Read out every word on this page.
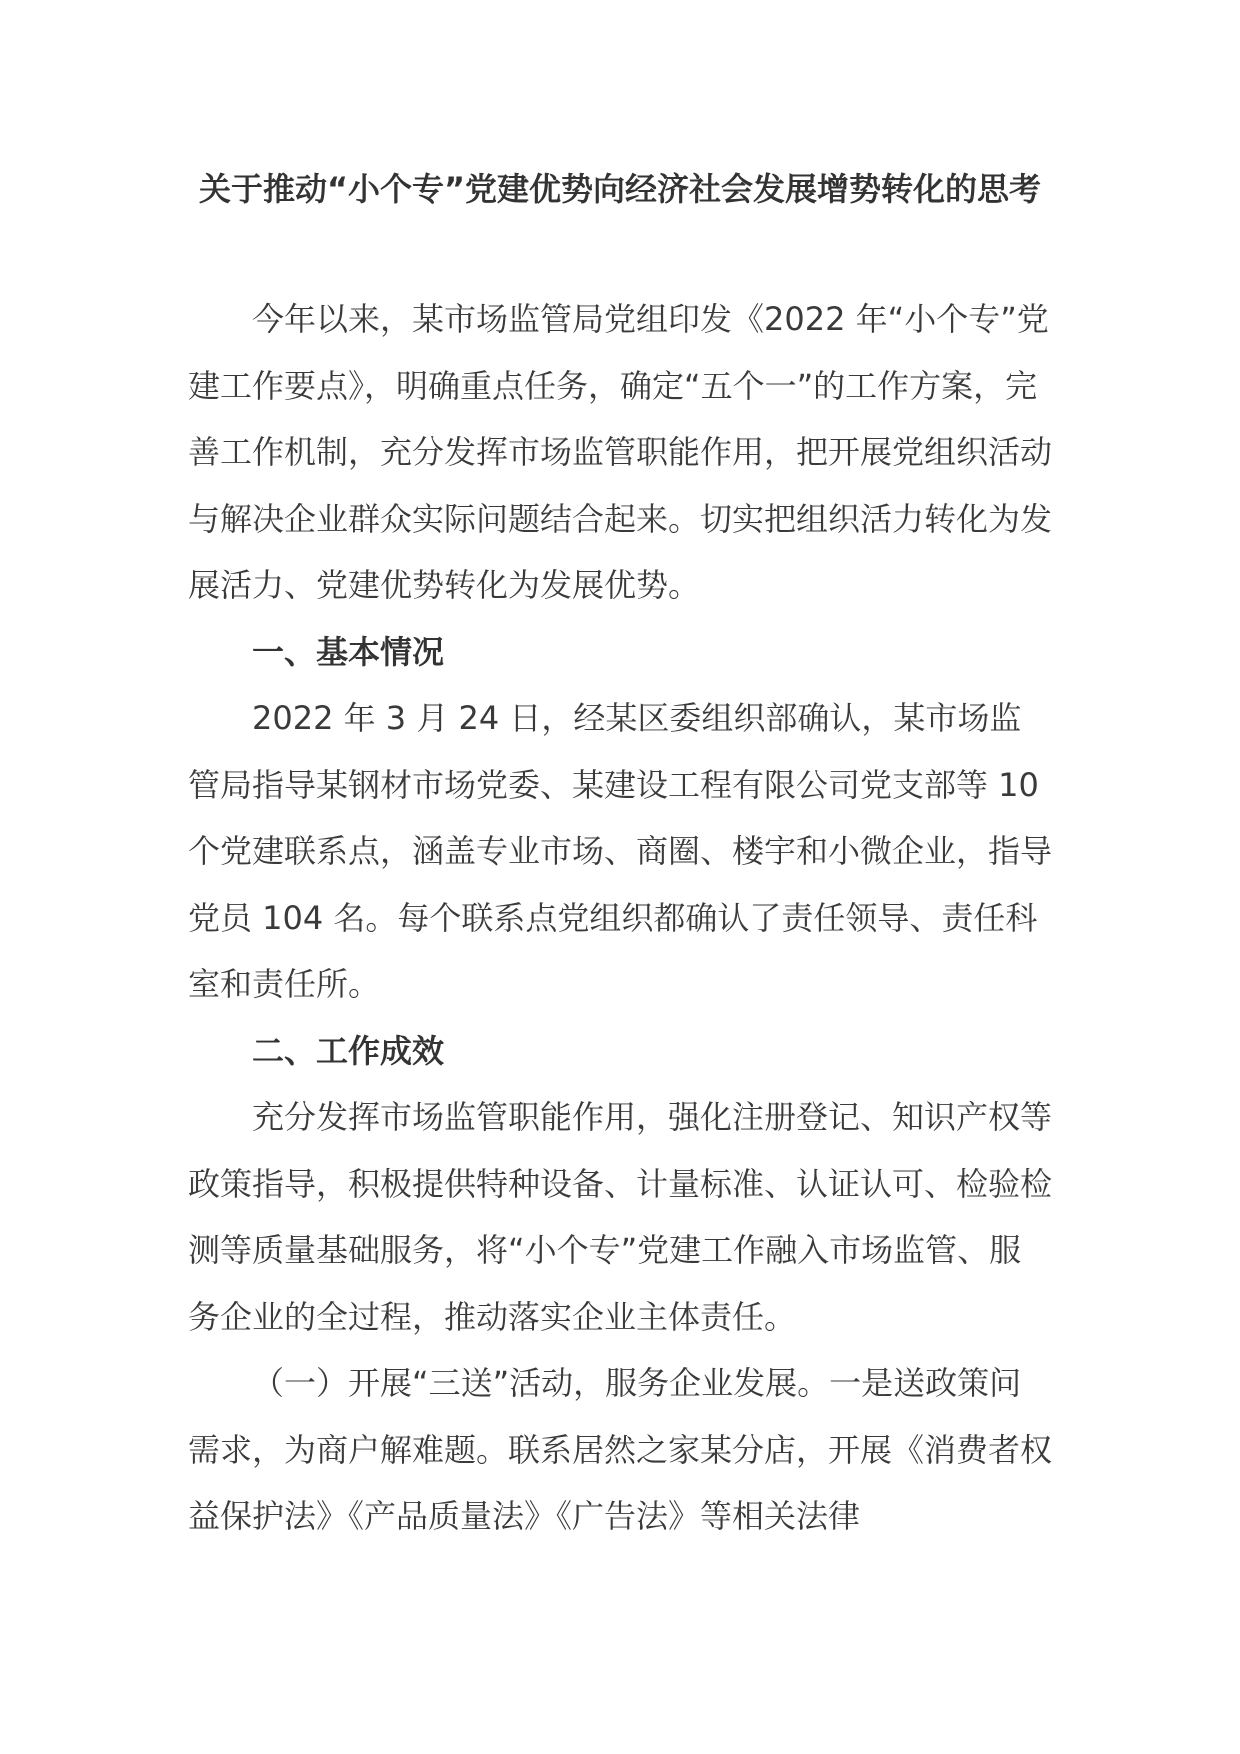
关于推动“小个专”党建优势向经济社会发展增势转化的思考

今年以来，某市场监管局党组印发《2022 年“小个专”党建工作要点》，明确重点任务，确定“五个一”的工作方案，完善工作机制，充分发挥市场监管职能作用，把开展党组织活动与解决企业群众实际问题结合起来。切实把组织活力转化为发展活力、党建优势转化为发展优势。

一、基本情况

2022 年 3 月 24 日，经某区委组织部确认，某市场监管局指导某钢材市场党委、某建设工程有限公司党支部等 10 个党建联系点，涵盖专业市场、商圈、楼宇和小微企业，指导党员 104 名。每个联系点党组织都确认了责任领导、责任科室和责任所。

二、工作成效

充分发挥市场监管职能作用，强化注册登记、知识产权等政策指导，积极提供特种设备、计量标准、认证认可、检验检测等质量基础服务，将“小个专”党建工作融入市场监管、服务企业的全过程，推动落实企业主体责任。

（一）开展“三送”活动，服务企业发展。一是送政策问需求，为商户解难题。联系居然之家某分店，开展《消费者权益保护法》《产品质量法》《广告法》等相关法律
